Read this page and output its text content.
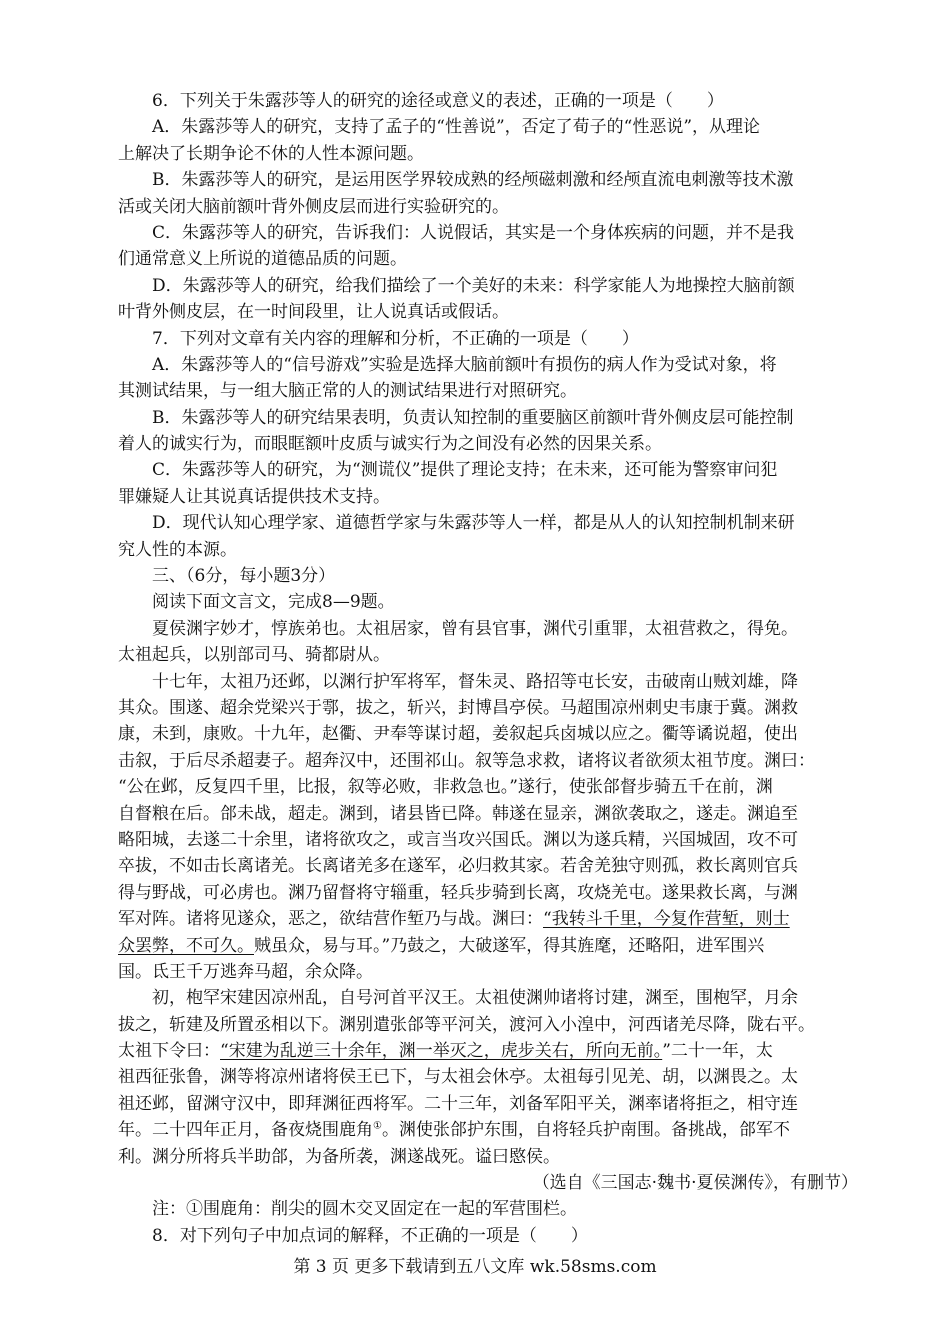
6．下列关于朱露莎等人的研究的途径或意义的表述，正确的一项是（　　）
A．朱露莎等人的研究，支持了孟子的“性善说”，否定了荀子的“性恶说”，从理论
上解决了长期争论不休的人性本源问题。
B．朱露莎等人的研究，是运用医学界较成熟的经颅磁刺激和经颅直流电刺激等技术激
活或关闭大脑前额叶背外侧皮层而进行实验研究的。
C．朱露莎等人的研究，告诉我们：人说假话，其实是一个身体疾病的问题，并不是我
们通常意义上所说的道德品质的问题。
D．朱露莎等人的研究，给我们描绘了一个美好的未来：科学家能人为地操控大脑前额
叶背外侧皮层，在一时间段里，让人说真话或假话。
7．下列对文章有关内容的理解和分析，不正确的一项是（　　）
A．朱露莎等人的“信号游戏”实验是选择大脑前额叶有损伤的病人作为受试对象，将
其测试结果，与一组大脑正常的人的测试结果进行对照研究。
B．朱露莎等人的研究结果表明，负责认知控制的重要脑区前额叶背外侧皮层可能控制
着人的诚实行为，而眼眶额叶皮质与诚实行为之间没有必然的因果关系。
C．朱露莎等人的研究，为“测谎仪”提供了理论支持；在未来，还可能为警察审问犯
罪嫌疑人让其说真话提供技术支持。
D．现代认知心理学家、道德哲学家与朱露莎等人一样，都是从人的认知控制机制来研
究人性的本源。
三、（6分，每小题3分）
阅读下面文言文，完成8—9题。
夏侯渊字妙才，惇族弟也。太祖居家，曾有县官事，渊代引重罪，太祖营救之，得免。
太祖起兵，以别部司马、骑都尉从。
十七年，太祖乃还邺，以渊行护军将军，督朱灵、路招等屯长安，击破南山贼刘雄，降
其众。围遂、超余党梁兴于鄠，拔之，斩兴，封博昌亭侯。马超围凉州刺史韦康于冀。渊救
康，未到，康败。十九年，赵衢、尹奉等谋讨超，姜叙起兵卤城以应之。衢等谲说超，使出
击叙，于后尽杀超妻子。超奔汉中，还围祁山。叙等急求救，诸将议者欲须太祖节度。渊曰：
“公在邺，反复四千里，比报，叙等必败，非救急也。”遂行，使张郃督步骑五千在前，渊
自督粮在后。郃未战，超走。渊到，诸县皆已降。韩遂在显亲，渊欲袭取之，遂走。渊追至
略阳城，去遂二十余里，诸将欲攻之，或言当攻兴国氐。渊以为遂兵精，兴国城固，攻不可
卒拔，不如击长离诸羌。长离诸羌多在遂军，必归救其家。若舍羌独守则孤，救长离则官兵
得与野战，可必虏也。渊乃留督将守辎重，轻兵步骑到长离，攻烧羌屯。遂果救长离，与渊
军对阵。诸将见遂众，恶之，欲结营作堑乃与战。渊曰：“我转斗千里，今复作营堑，则士
众罢弊，不可久。贼虽众，易与耳。”乃鼓之，大破遂军，得其旌麾，还略阳，进军围兴
国。氐王千万逃奔马超，余众降。
初，枹罕宋建因凉州乱，自号河首平汉王。太祖使渊帅诸将讨建，渊至，围枹罕，月余
拔之，斩建及所置丞相以下。渊别遣张郃等平河关，渡河入小湟中，河西诸羌尽降，陇右平。
太祖下令曰：“宋建为乱逆三十余年，渊一举灭之，虎步关右，所向无前。”二十一年，太
祖西征张鲁，渊等将凉州诸将侯王已下，与太祖会休亭。太祖每引见羌、胡，以渊畏之。太
祖还邺，留渊守汉中，即拜渊征西将军。二十三年，刘备军阳平关，渊率诸将拒之，相守连
年。二十四年正月，备夜烧围鹿角①。渊使张郃护东围，自将轻兵护南围。备挑战，郃军不
利。渊分所将兵半助郃，为备所袭，渊遂战死。谥曰愍侯。
（选自《三国志·魏书·夏侯渊传》，有删节）
注：①围鹿角：削尖的圆木交叉固定在一起的军营围栏。
8．对下列句子中加点词的解释，不正确的一项是（　　）
第 3 页 更多下载请到五八文库 wk.58sms.com
